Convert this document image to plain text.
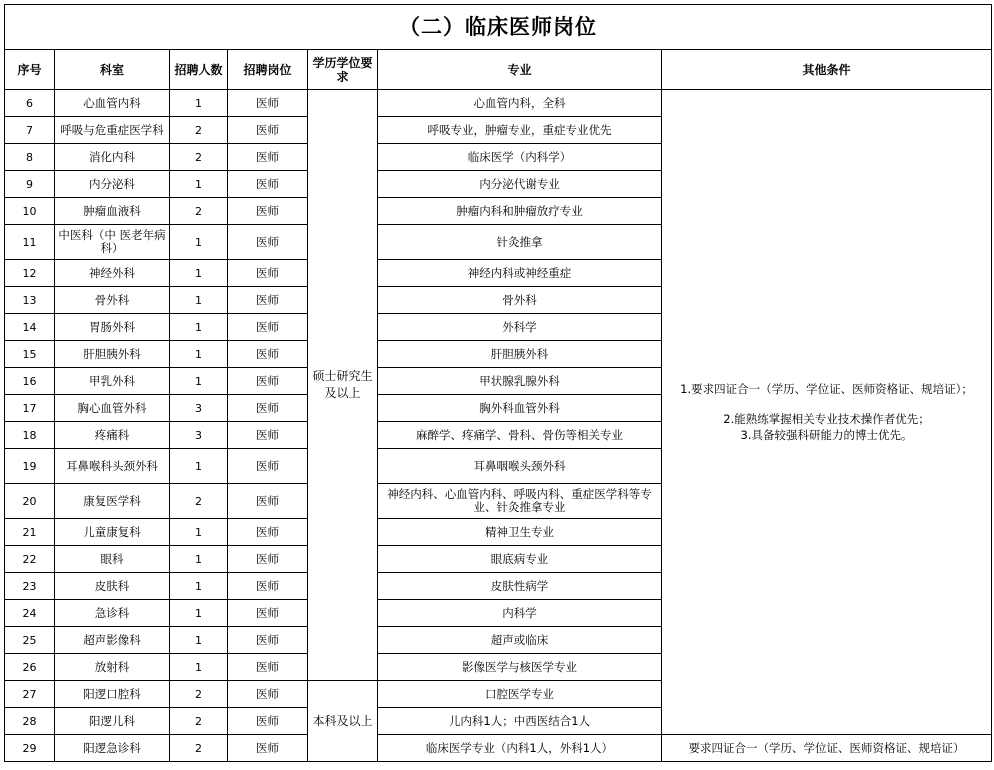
（二）临床医师岗位						
序号	科室	招聘人数	招聘岗位	学历学位要求	专业	其他条件
6	心血管内科	1	医师	硕士研究生及以上	心血管内科，全科	1.要求四证合一（学历、学位证、医师资格证、规培证）；
2.能熟练掌握相关专业技术操作者优先；
3.具备较强科研能力的博士优先。

7	呼吸与危重症医学科	2	医师		呼吸专业，肿瘤专业，重症专业优先	
8	消化内科	2	医师		临床医学（内科学）	
9	内分泌科	1	医师		内分泌代谢专业	
10	肿瘤血液科	2	医师		肿瘤内科和肿瘤放疗专业	
11	中医科（中 医老年病科）	1	医师		针灸推拿	
12	神经外科	1	医师		神经内科或神经重症	
13	骨外科	1	医师		骨外科	
14	胃肠外科	1	医师		外科学	
15	肝胆胰外科	1	医师		肝胆胰外科	
16	甲乳外科	1	医师		甲状腺乳腺外科	
17	胸心血管外科	3	医师		胸外科血管外科	
18	疼痛科	3	医师		麻醉学、疼痛学、骨科、骨伤等相关专业	
19	耳鼻喉科头颈外科	1	医师		耳鼻咽喉头颈外科	
20	康复医学科	2	医师		神经内科、心血管内科、呼吸内科、重症医学科等专业、针灸推拿专业	
21	儿童康复科	1	医师		精神卫生专业	
22	眼科	1	医师		眼底病专业	
23	皮肤科	1	医师		皮肤性病学	
24	急诊科	1	医师		内科学	
25	超声影像科	1	医师		超声或临床	
26	放射科	1	医师		影像医学与核医学专业	
27	阳逻口腔科	2	医师	本科及以上	口腔医学专业	
28	阳逻儿科	2	医师		儿内科1人；中西医结合1人	
29	阳逻急诊科	2	医师		临床医学专业（内科1人，外科1人）	要求四证合一（学历、学位证、医师资格证、规培证）
